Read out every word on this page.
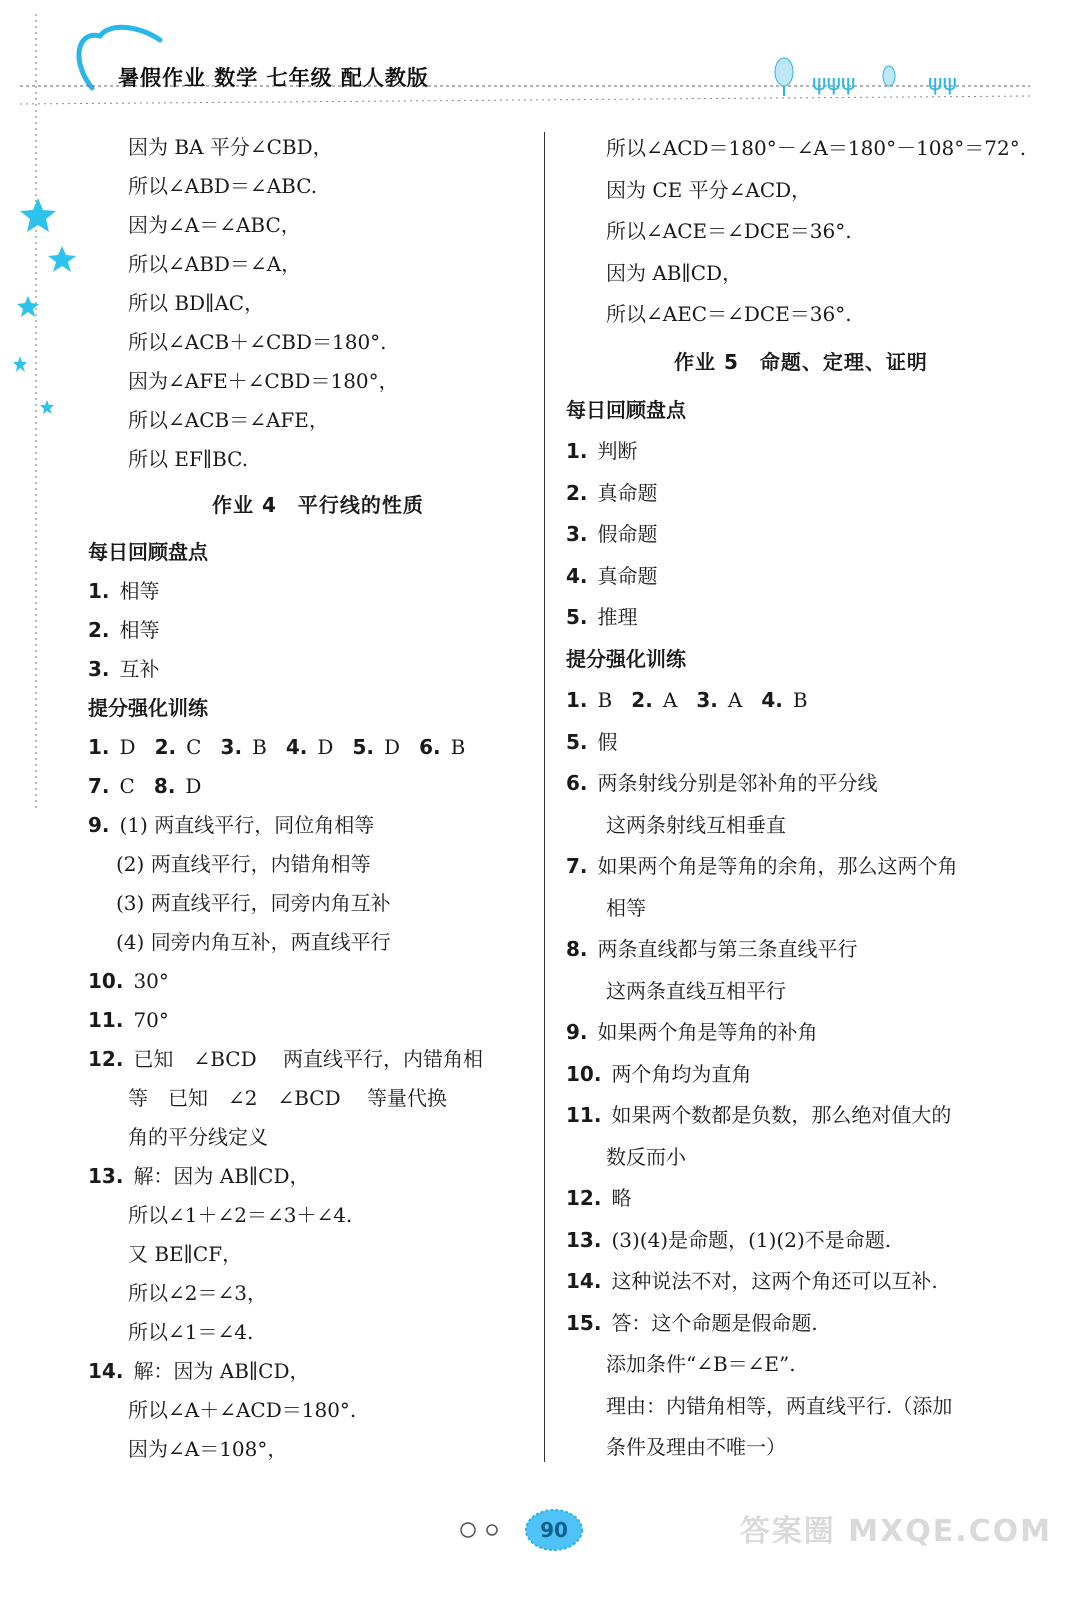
ψψψ	ψψ
暑假作业 数学 七年级 配人教版
因为 BA 平分∠CBD，
所以∠ABD＝∠ABC.
因为∠A＝∠ABC，
所以∠ABD＝∠A，
所以 BD∥AC，
所以∠ACB＋∠CBD＝180°.
因为∠AFE＋∠CBD＝180°，
所以∠ACB＝∠AFE，
所以 EF∥BC.
作业 4　平行线的性质
每日回顾盘点
1. 相等
2. 相等
3. 互补
提分强化训练
1. D 2. C 3. B 4. D 5. D 6. B
7. C 8. D
9. (1) 两直线平行，同位角相等
(2) 两直线平行，内错角相等
(3) 两直线平行，同旁内角互补
(4) 同旁内角互补，两直线平行
10. 30°
11. 70°
12. 已知　∠BCD　 两直线平行，内错角相
等　已知　∠2　∠BCD　 等量代换
角的平分线定义
13. 解：因为 AB∥CD，
所以∠1＋∠2＝∠3＋∠4.
又 BE∥CF，
所以∠2＝∠3，
所以∠1＝∠4.
14. 解：因为 AB∥CD，
所以∠A＋∠ACD＝180°.
因为∠A＝108°，
所以∠ACD＝180°－∠A＝180°－108°＝72°.
因为 CE 平分∠ACD，
所以∠ACE＝∠DCE＝36°.
因为 AB∥CD，
所以∠AEC＝∠DCE＝36°.
作业 5　命题、定理、证明
每日回顾盘点
1. 判断
2. 真命题
3. 假命题
4. 真命题
5. 推理
提分强化训练
1. B 2. A 3. A 4. B
5. 假
6. 两条射线分别是邻补角的平分线
这两条射线互相垂直
7. 如果两个角是等角的余角，那么这两个角
相等
8. 两条直线都与第三条直线平行
这两条直线互相平行
9. 如果两个角是等角的补角
10. 两个角均为直角
11. 如果两个数都是负数，那么绝对值大的
数反而小
12. 略
13. (3)(4)是命题，(1)(2)不是命题.
14. 这种说法不对，这两个角还可以互补.
15. 答：这个命题是假命题.
添加条件“∠B＝∠E”.
理由：内错角相等，两直线平行.（添加
条件及理由不唯一）
90	答案圈 MXQE.COM
